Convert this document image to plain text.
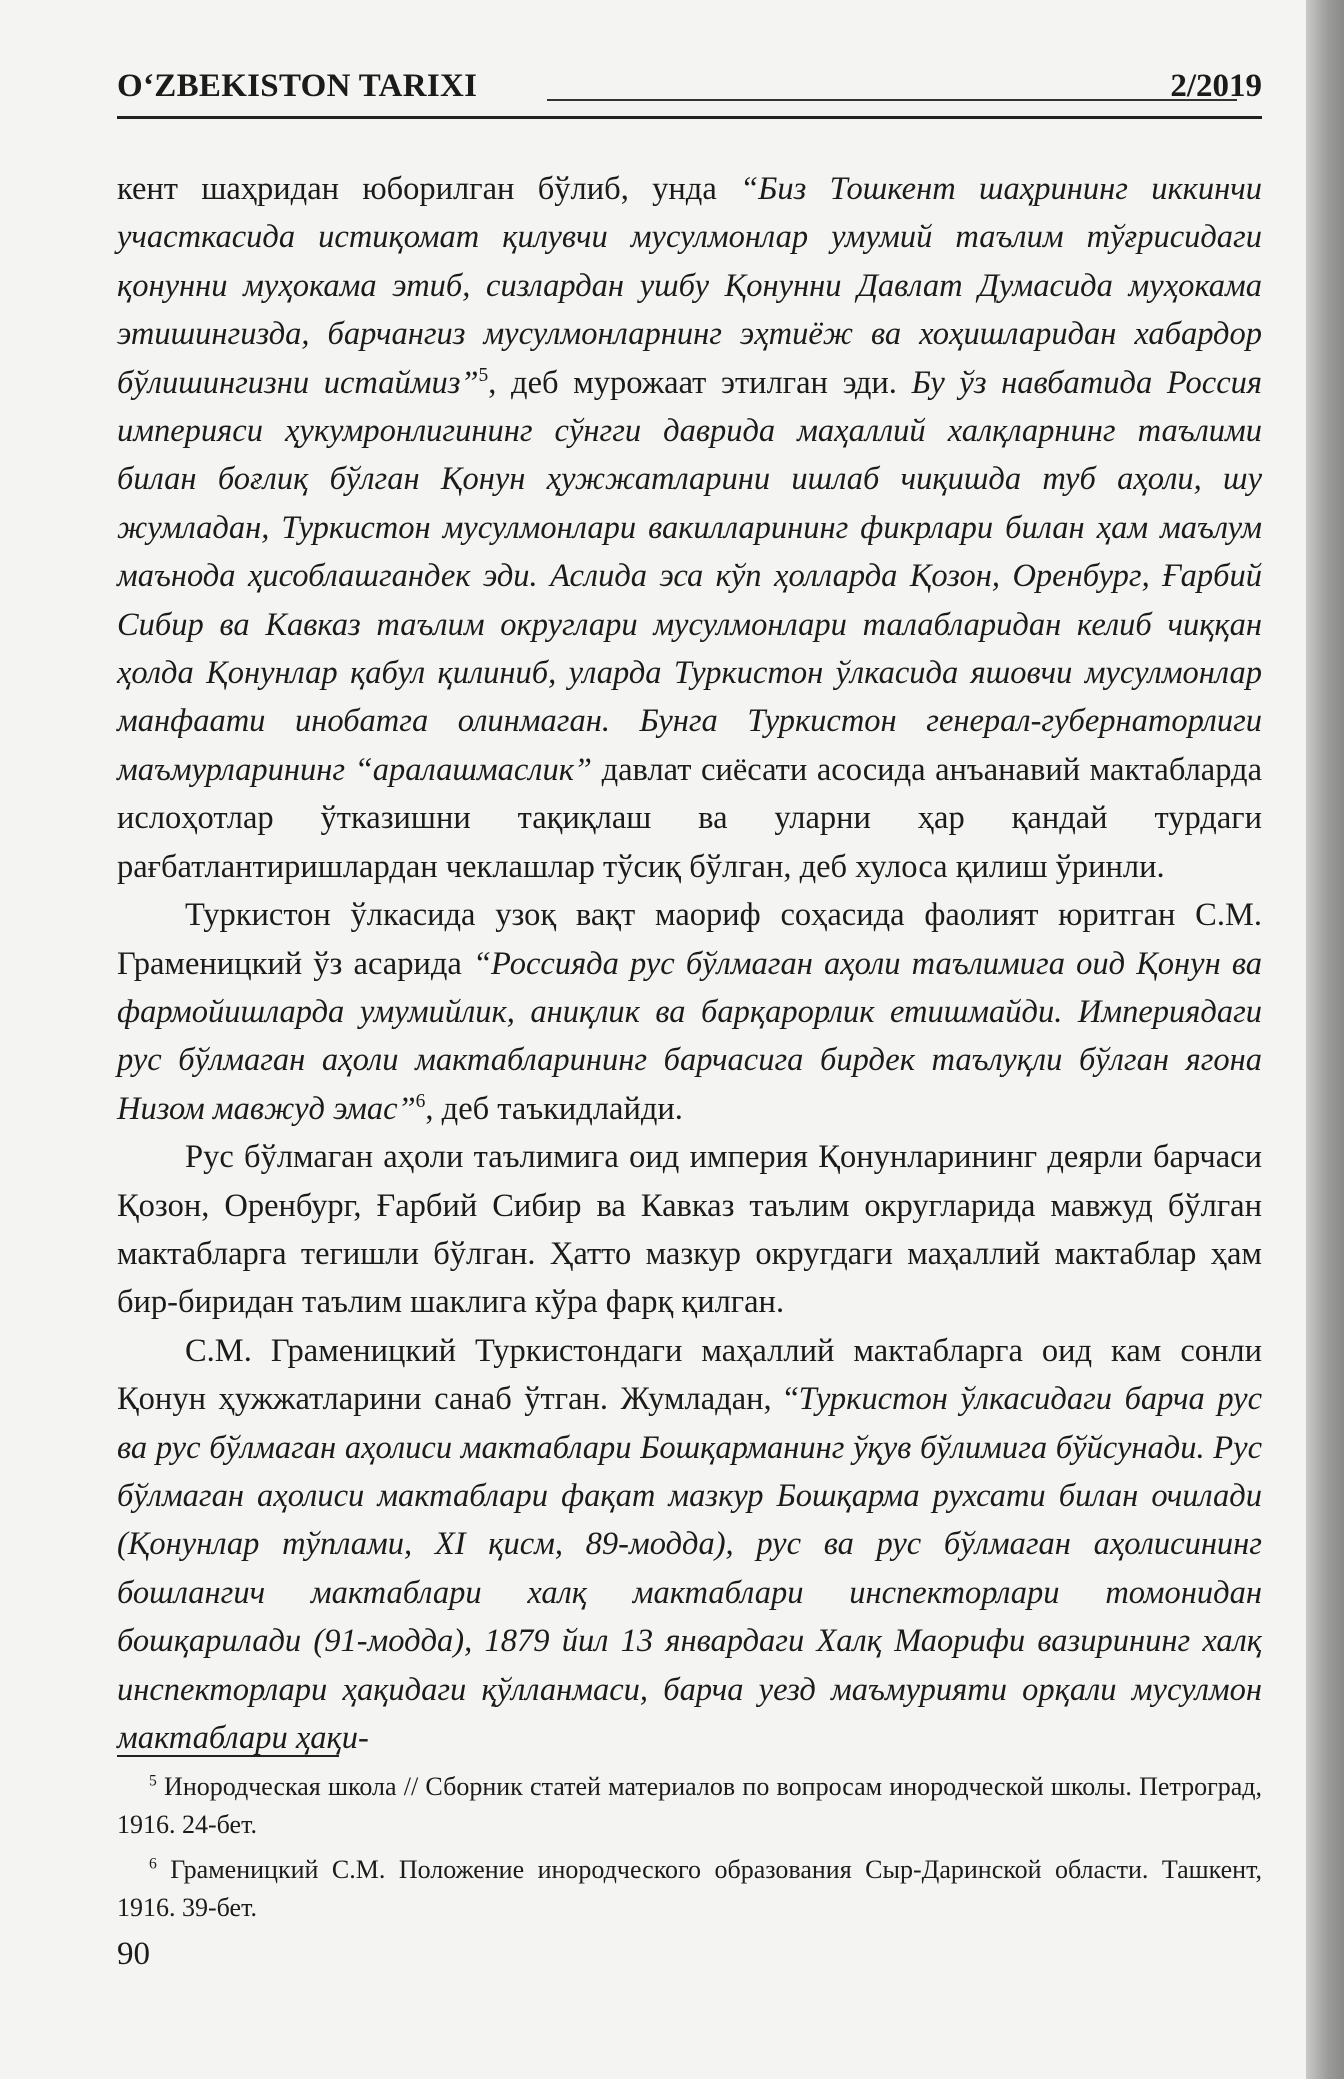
O‘ZBEKISTON TARIXI	2/2019

кент шаҳридан юборилган бўлиб, унда “Биз Тошкент шаҳрининг иккинчи участкасида истиқомат қилувчи мусулмонлар умумий таълим тўғрисидаги қонунни муҳокама этиб, сизлардан ушбу Қонунни Давлат Думасида муҳокама этишингизда, барчангиз мусулмонларнинг эҳтиёж ва хоҳишларидан хабардор бўлишингизни истаймиз”$^5$, деб мурожаат этилган эди. Бу ўз навбатида Россия империяси ҳукумронлигининг сўнгги даврида маҳаллий халқларнинг таълими билан боғлиқ бўлган Қонун ҳужжатларини ишлаб чиқишда туб аҳоли, шу жумладан, Туркистон мусулмонлари вакилларининг фикрлари билан ҳам маълум маънода ҳисоблашгандек эди. Аслида эса кўп ҳолларда Қозон, Оренбург, Ғарбий Сибир ва Кавказ таълим округлари мусулмонлари талабларидан келиб чиққан ҳолда Қонунлар қабул қилиниб, уларда Туркистон ўлкасида яшовчи мусулмонлар манфаати инобатга олинмаган. Бунга Туркистон генерал-губернаторлиги маъмурларининг “аралашмаслик” давлат сиёсати асосида анъанавий мактабларда ислоҳотлар ўтказишни тақиқлаш ва уларни ҳар қандай турдаги рағбатлантиришлардан чеклашлар тўсиқ бўлган, деб хулоса қилиш ўринли.

Туркистон ўлкасида узоқ вақт маориф соҳасида фаолият юритган С.М. Граменицкий ўз асарида “Россияда рус бўлмаган аҳоли таълимига оид Қонун ва фармойишларда умумийлик, аниқлик ва барқарорлик етишмайди. Империядаги рус бўлмаган аҳоли мактабларининг барчасига бирдек таълуқли бўлган ягона Низом мавжуд эмас”$^6$, деб таъкидлайди.

Рус бўлмаган аҳоли таълимига оид империя Қонунларининг деярли барчаси Қозон, Оренбург, Ғарбий Сибир ва Кавказ таълим округларида мавжуд бўлган мактабларга тегишли бўлган. Ҳатто мазкур округдаги маҳаллий мактаблар ҳам бир-биридан таълим шаклига кўра фарқ қилган.

С.М. Граменицкий Туркистондаги маҳаллий мактабларга оид кам сонли Қонун ҳужжатларини санаб ўтган. Жумладан, “Туркистон ўлкасидаги барча рус ва рус бўлмаган аҳолиси мактаблари Бошқарманинг ўқув бўлимига бўйсунади. Рус бўлмаган аҳолиси мактаблари фақат мазкур Бошқарма рухсати билан очилади (Қонунлар тўплами, XI қисм, 89-модда), рус ва рус бўлмаган аҳолисининг бошлангич мактаблари халқ мактаблари инспекторлари томонидан бошқарилади (91-модда), 1879 йил 13 январдаги Халқ Маорифи вазирининг халқ инспекторлари ҳақидаги қўлланмаси, барча уезд маъмурияти орқали мусулмон мактаблари ҳақи-

$^5$ Инородческая школа // Сборник статей материалов по вопросам инородческой школы. Петроград, 1916. 24-бет.

$^6$ Граменицкий С.М. Положение инородческого образования Сыр-Даринской области. Ташкент, 1916. 39-бет.

90
